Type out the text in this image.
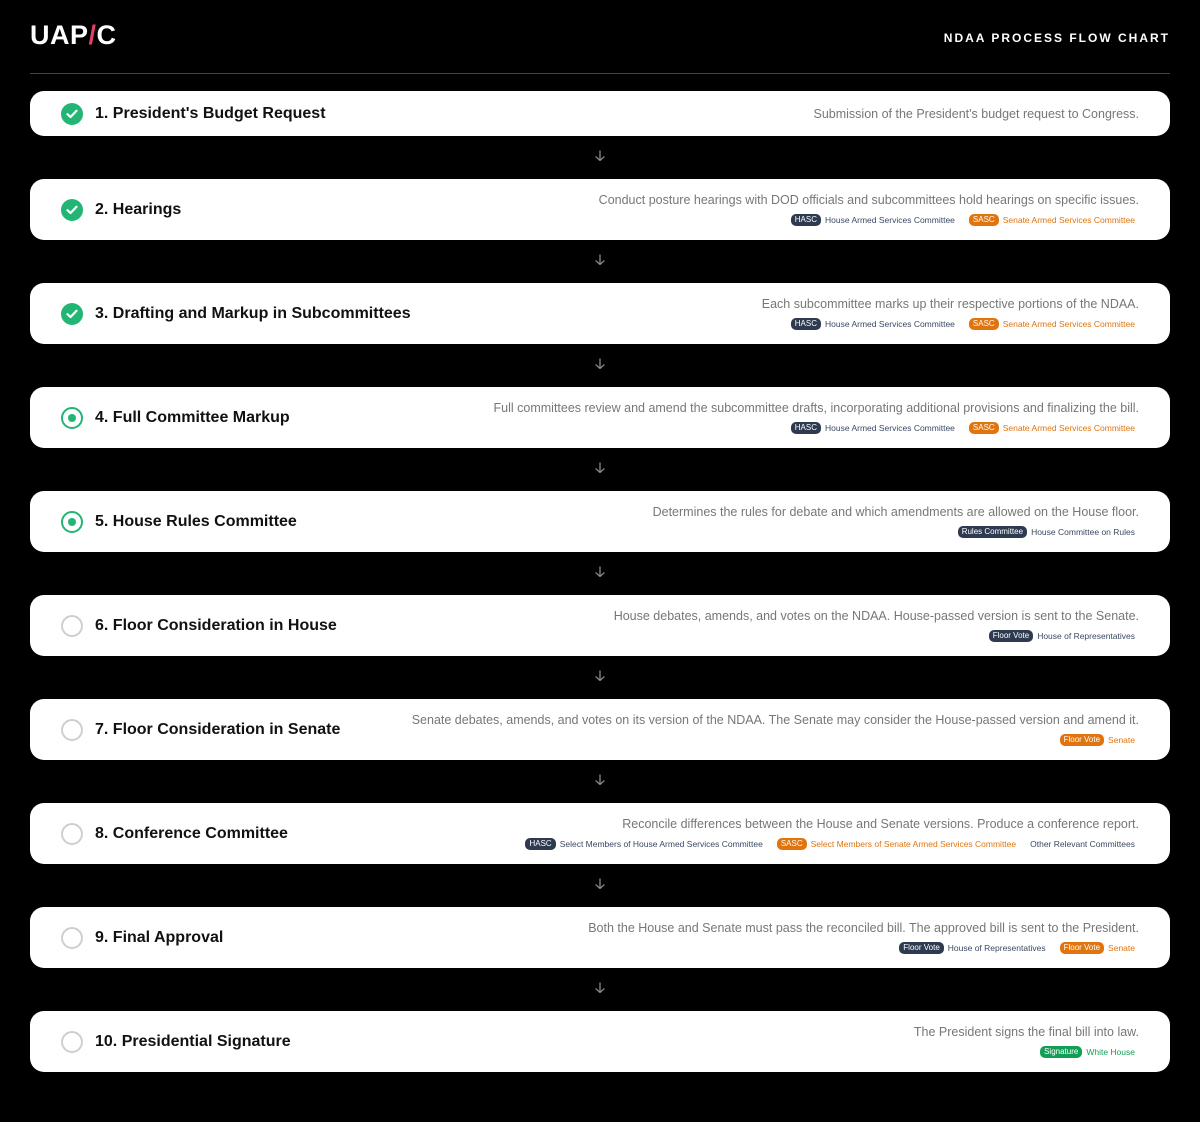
UAP/C	NDAA PROCESS FLOW CHART
1. President's Budget Request	Submission of the President's budget request to Congress.
2. Hearings
Conduct posture hearings with DOD officials and subcommittees hold hearings on specific issues.
HASC House Armed Services Committee	SASC Senate Armed Services Committee
3. Drafting and Markup in Subcommittees
Each subcommittee marks up their respective portions of the NDAA.
HASC House Armed Services Committee	SASC Senate Armed Services Committee
4. Full Committee Markup
Full committees review and amend the subcommittee drafts, incorporating additional provisions and finalizing the bill.
HASC House Armed Services Committee	SASC Senate Armed Services Committee
5. House Rules Committee
Determines the rules for debate and which amendments are allowed on the House floor.
Rules Committee House Committee on Rules
6. Floor Consideration in House
House debates, amends, and votes on the NDAA. House-passed version is sent to the Senate.
Floor Vote House of Representatives
7. Floor Consideration in Senate
Senate debates, amends, and votes on its version of the NDAA. The Senate may consider the House-passed version and amend it.
Floor Vote Senate
8. Conference Committee
Reconcile differences between the House and Senate versions. Produce a conference report.
HASC Select Members of House Armed Services Committee	SASC Select Members of Senate Armed Services Committee Other Relevant Committees
9. Final Approval
Both the House and Senate must pass the reconciled bill. The approved bill is sent to the President.
Floor Vote House of Representatives	Floor Vote Senate
10. Presidential Signature
The President signs the final bill into law.
Signature White House
